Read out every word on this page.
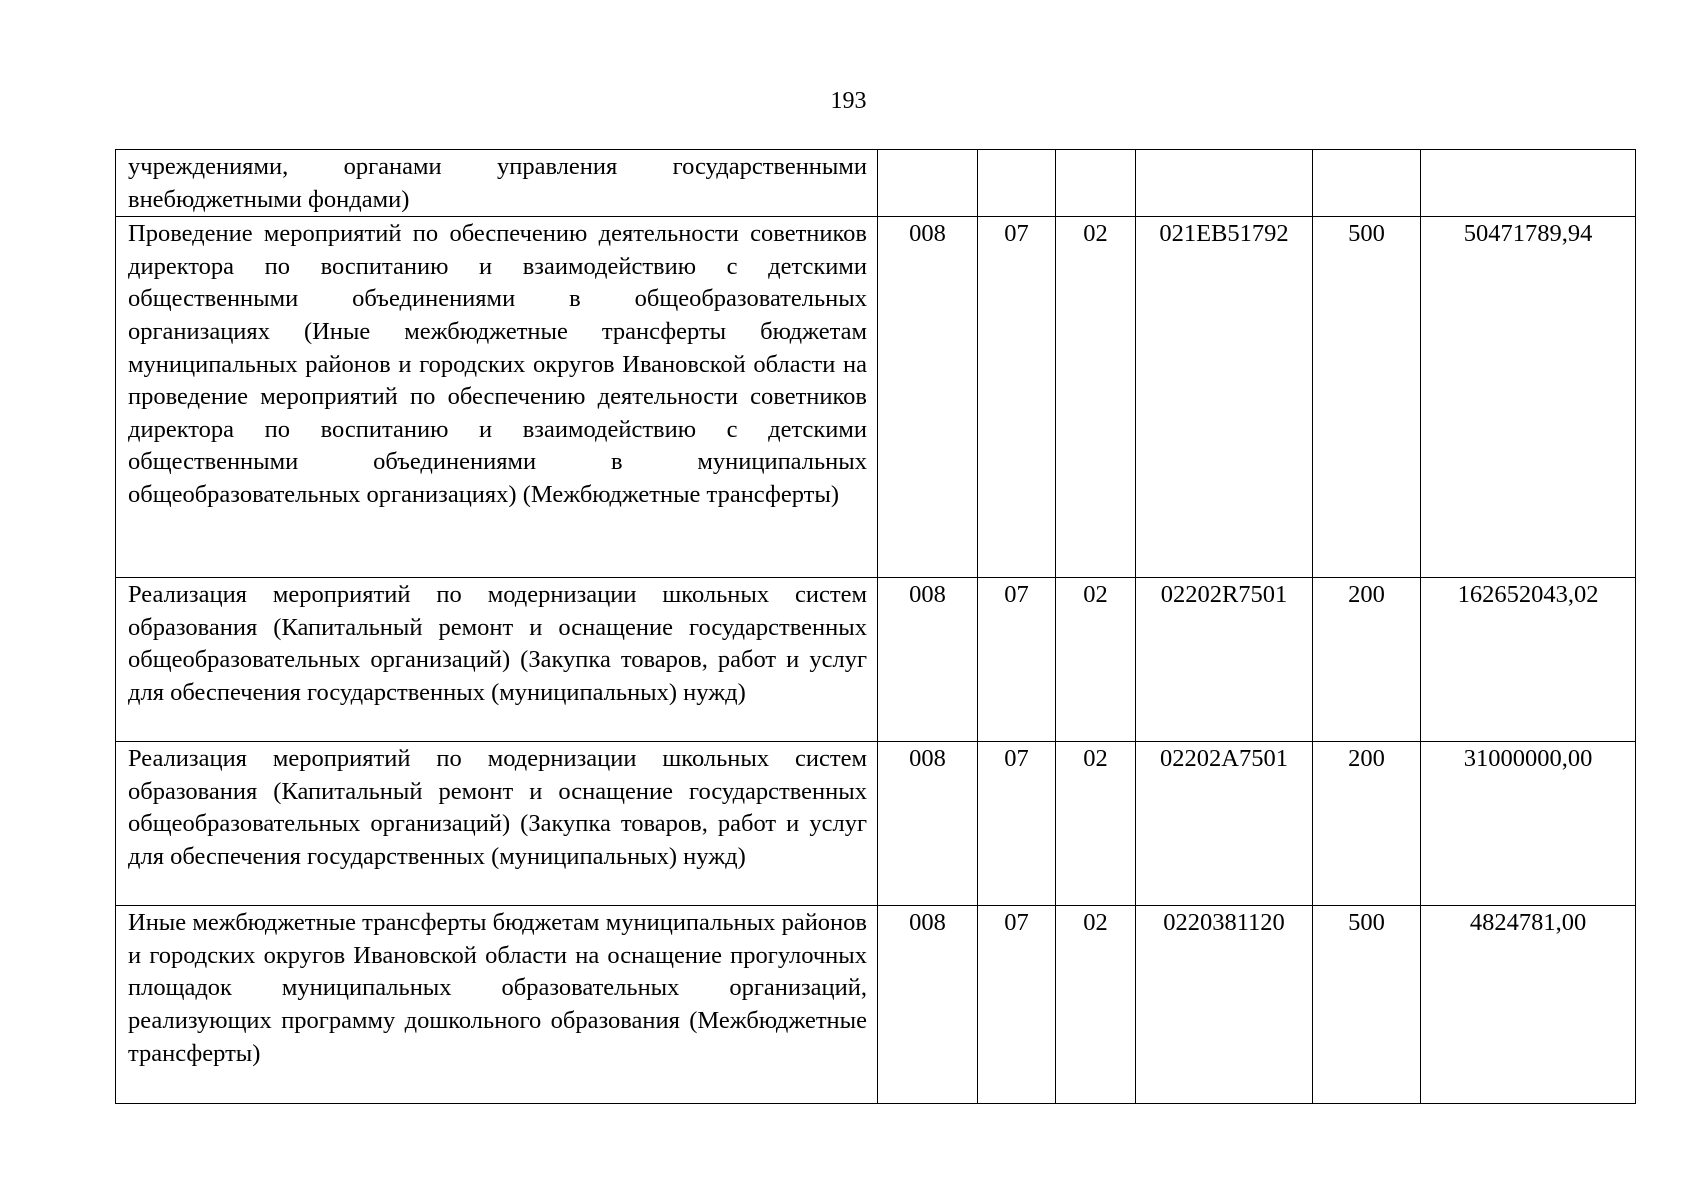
193
учреждениями, органами управления государственными внебюджетными фондами)						
Проведение мероприятий по обеспечению деятельности советников директора по воспитанию и взаимодействию с детскими общественными объединениями в общеобразовательных организациях (Иные межбюджетные трансферты бюджетам муниципальных районов и городских округов Ивановской области на проведение мероприятий по обеспечению деятельности советников директора по воспитанию и взаимодействию с детскими общественными объединениями в муниципальных общеобразовательных организациях) (Межбюджетные трансферты)	008	07	02	021EВ51792	500	50471789,94
Реализация мероприятий по модернизации школьных систем образования (Капитальный ремонт и оснащение государственных общеобразовательных организаций) (Закупка товаров, работ и услуг для обеспечения государственных (муниципальных) нужд)	008	07	02	02202R7501	200	162652043,02
Реализация мероприятий по модернизации школьных систем образования (Капитальный ремонт и оснащение государственных общеобразовательных организаций) (Закупка товаров, работ и услуг для обеспечения государственных (муниципальных) нужд)	008	07	02	02202А7501	200	31000000,00
Иные межбюджетные трансферты бюджетам муниципальных районов и городских округов Ивановской области на оснащение прогулочных площадок муниципальных образовательных организаций, реализующих программу дошкольного образования (Межбюджетные трансферты)	008	07	02	0220381120	500	4824781,00
